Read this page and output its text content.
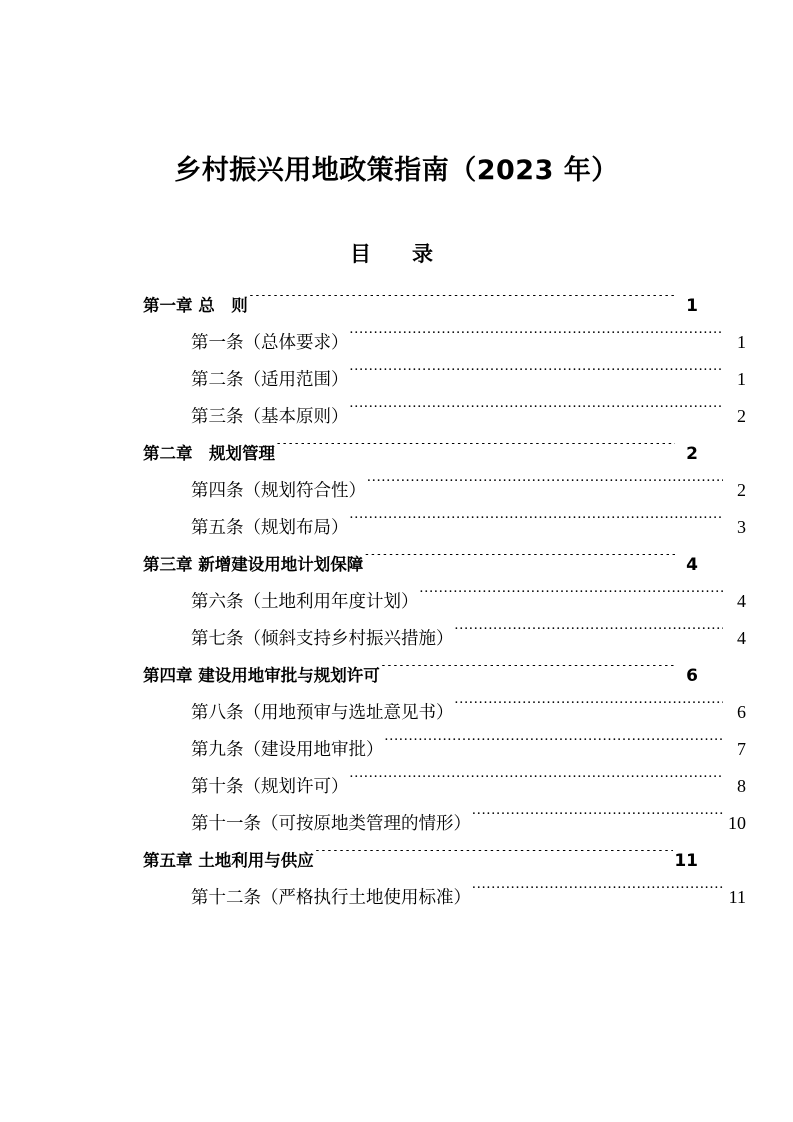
乡村振兴用地政策指南（2023 年）
目　录
第一章 总　则 .....	1
第一条（总体要求） .....	1
第二条（适用范围） .....	1
第三条（基本原则） .....	2
第二章　规划管理 .....	2
第四条（规划符合性） .....	2
第五条（规划布局） .....	3
第三章 新增建设用地计划保障 .....	4
第六条（土地利用年度计划） .....	4
第七条（倾斜支持乡村振兴措施） .....	4
第四章 建设用地审批与规划许可 .....	6
第八条（用地预审与选址意见书） .....	6
第九条（建设用地审批） .....	7
第十条（规划许可） .....	8
第十一条（可按原地类管理的情形） .....	10
第五章 土地利用与供应 .....	11
第十二条（严格执行土地使用标准） .....	11
